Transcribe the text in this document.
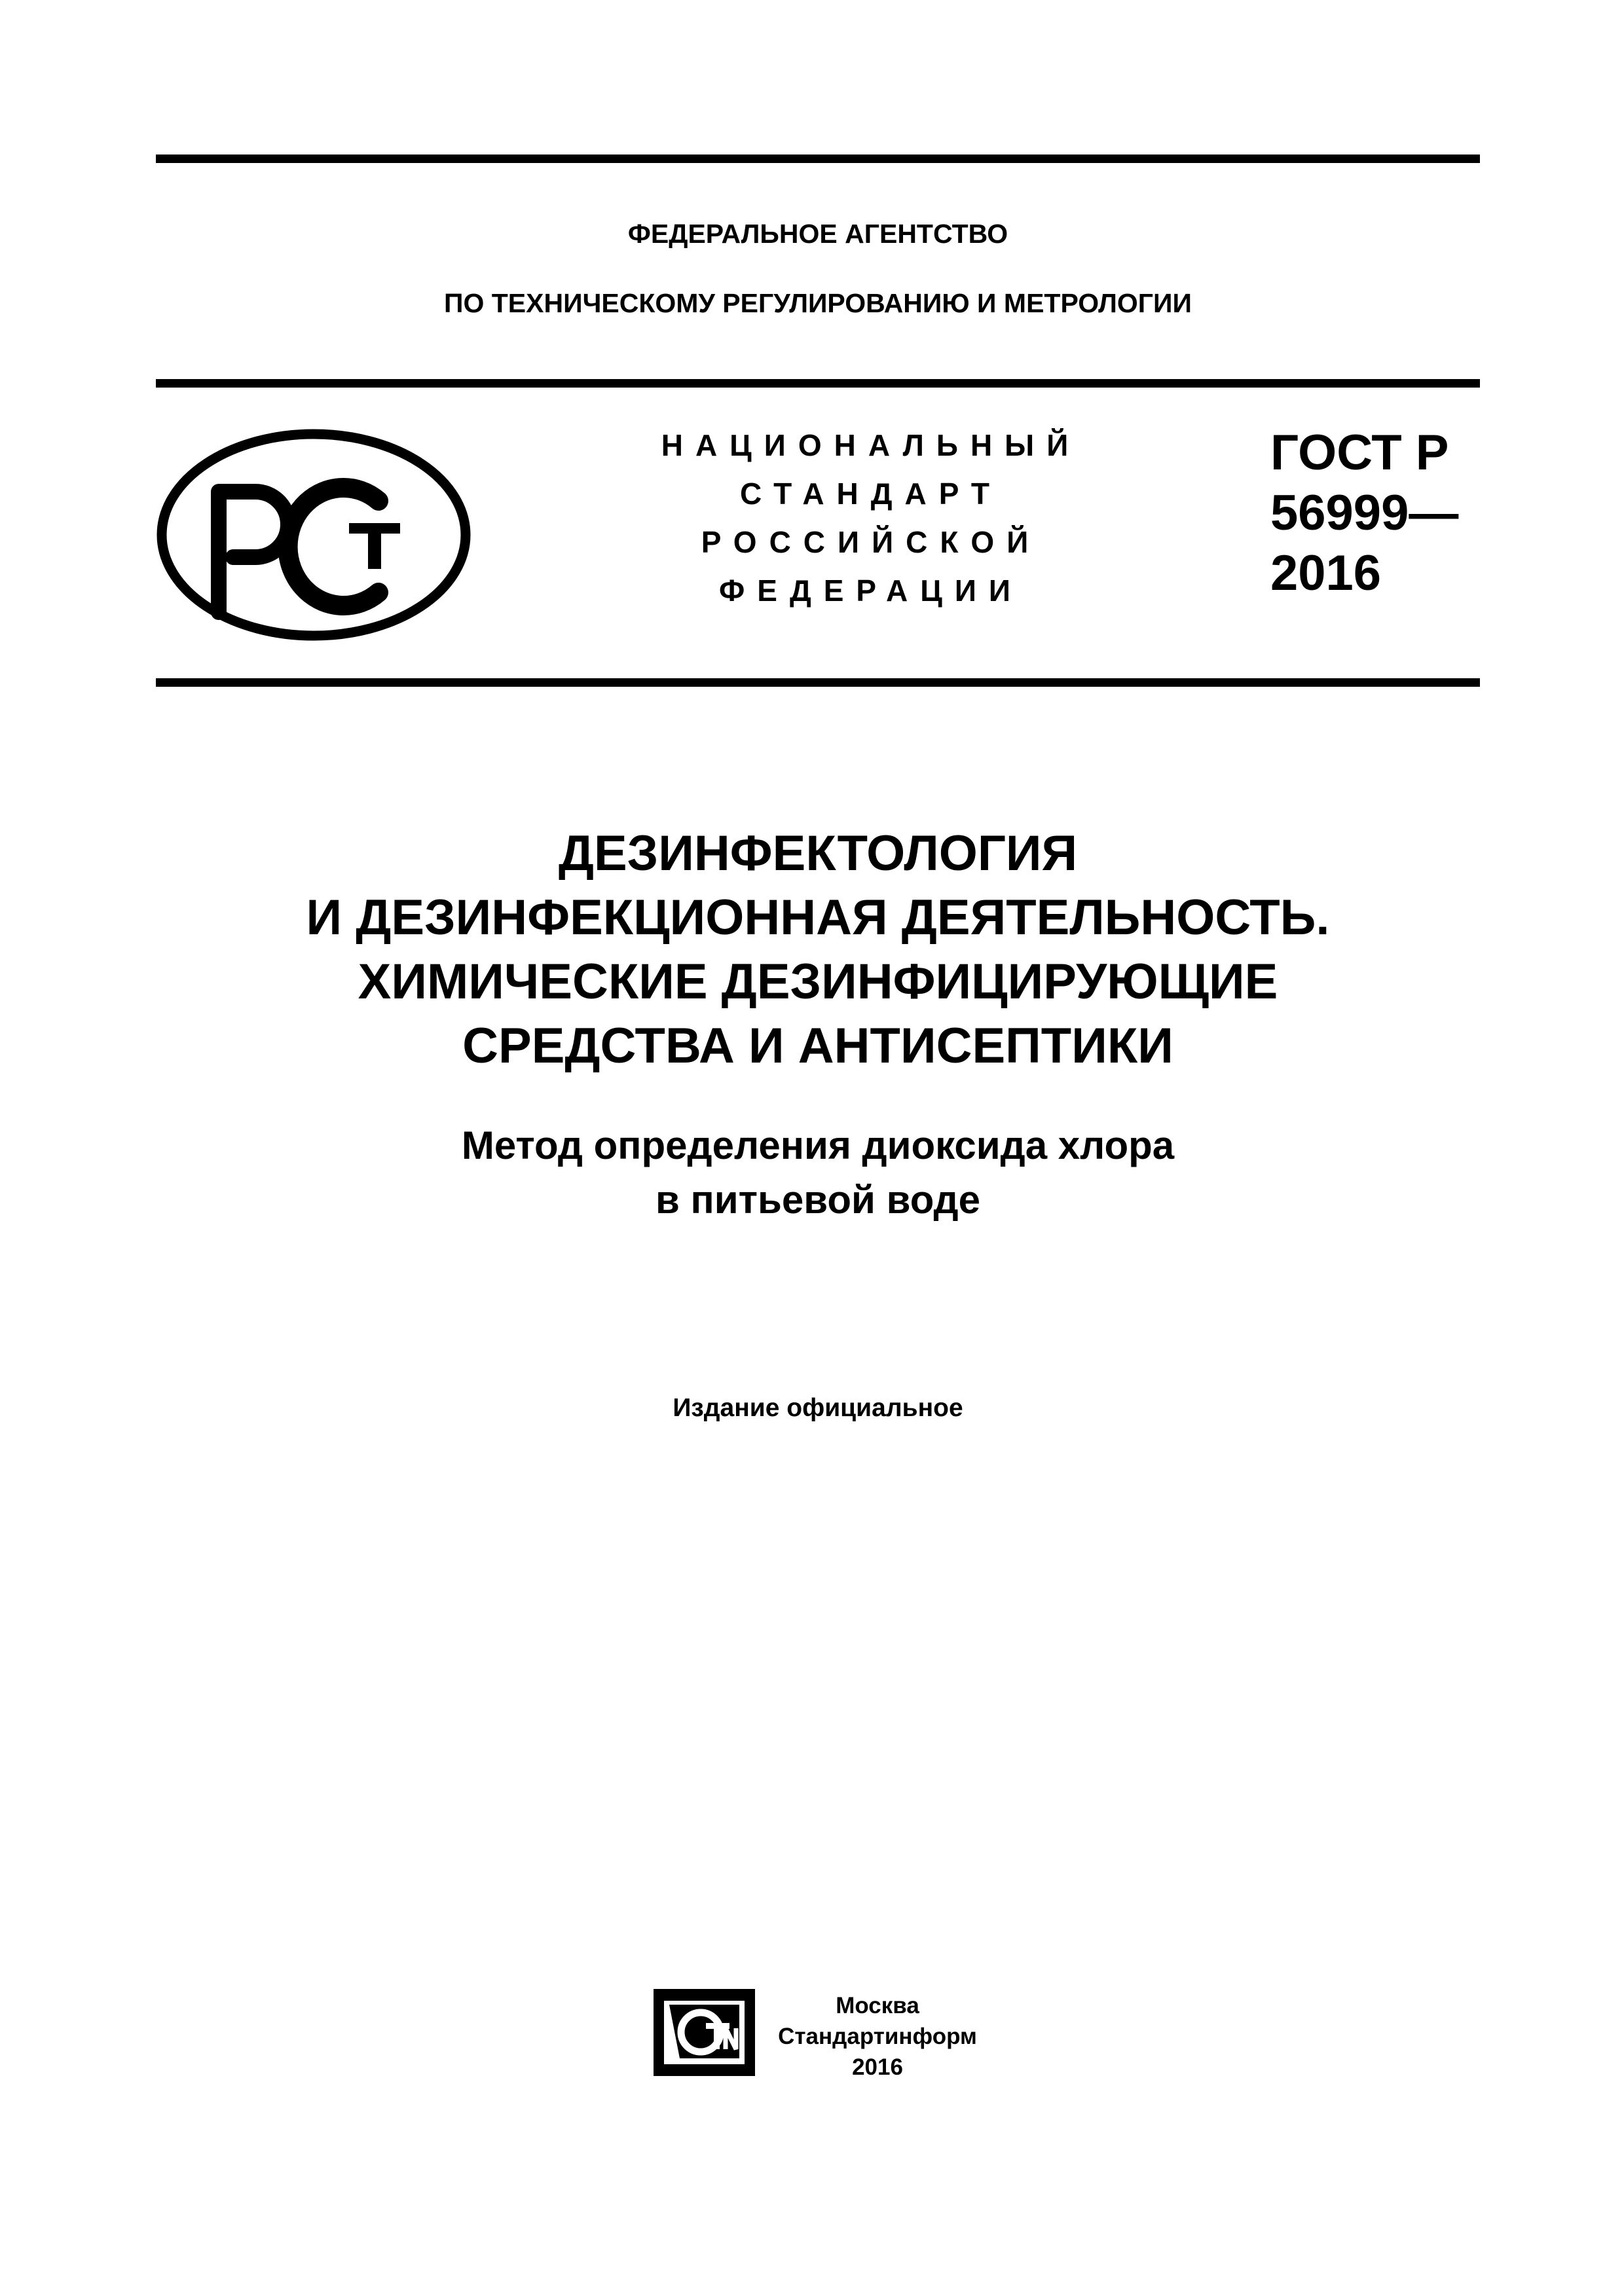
ФЕДЕРАЛЬНОЕ АГЕНТСТВО
ПО ТЕХНИЧЕСКОМУ РЕГУЛИРОВАНИЮ И МЕТРОЛОГИИ
НАЦИОНАЛЬНЫЙ
СТАНДАРТ
РОССИЙСКОЙ
ФЕДЕРАЦИИ
ГОСТ Р
56999—
2016
ДЕЗИНФЕКТОЛОГИЯ
И ДЕЗИНФЕКЦИОННАЯ ДЕЯТЕЛЬНОСТЬ.
ХИМИЧЕСКИЕ ДЕЗИНФИЦИРУЮЩИЕ
СРЕДСТВА И АНТИСЕПТИКИ
Метод определения диоксида хлора
в питьевой воде
Издание официальное
Москва
Стандартинформ
2016
